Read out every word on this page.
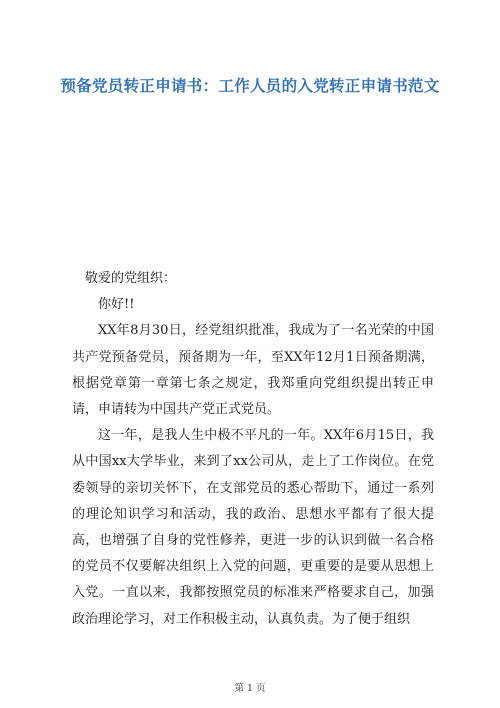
预备党员转正申请书：工作人员的入党转正申请书范文

敬爱的党组织：

你好!!

XX年8月30日，经党组织批准，我成为了一名光荣的中国共产党预备党员，预备期为一年，至XX年12月1日预备期满，根据党章第一章第七条之规定，我郑重向党组织提出转正申请，申请转为中国共产党正式党员。

这一年，是我人生中极不平凡的一年。XX年6月15日，我从中国xx大学毕业，来到了xx公司从，走上了工作岗位。在党委领导的亲切关怀下，在支部党员的悉心帮助下，通过一系列的理论知识学习和活动，我的政治、思想水平都有了很大提高，也增强了自身的党性修养，更进一步的认识到做一名合格的党员不仅要解决组织上入党的问题，更重要的是要从思想上入党。一直以来，我都按照党员的标准来严格要求自己，加强政治理论学习，对工作积极主动，认真负责。为了便于组织

第 1 页
